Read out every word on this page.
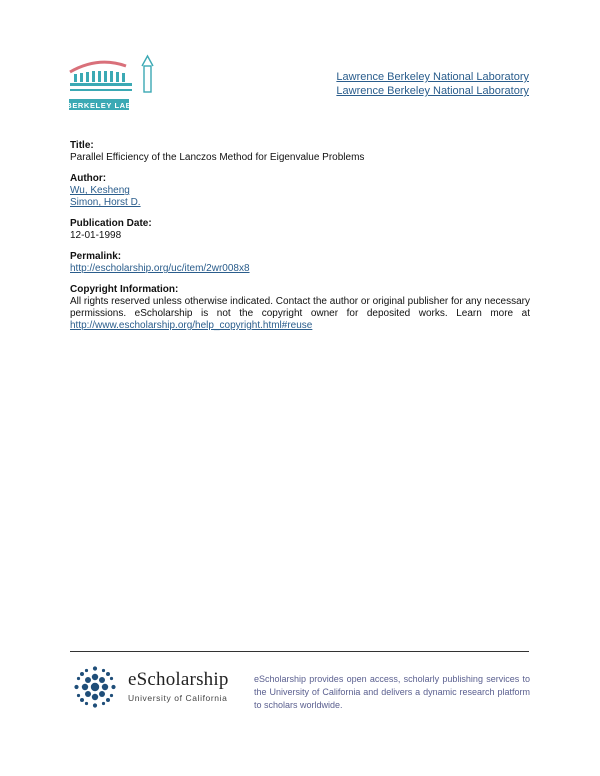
BERKELEY LAB
Lawrence Berkeley National Laboratory
Lawrence Berkeley National Laboratory
Title:
Parallel Efficiency of the Lanczos Method for Eigenvalue Problems
Author:
Wu, Kesheng
Simon, Horst D.
Publication Date:
12-01-1998
Permalink:
http://escholarship.org/uc/item/2wr008x8
Copyright Information:
All rights reserved unless otherwise indicated. Contact the author or original publisher for any necessary permissions. eScholarship is not the copyright owner for deposited works. Learn more at http://www.escholarship.org/help_copyright.html#reuse
eScholarship
University of California
eScholarship provides open access, scholarly publishing services to the University of California and delivers a dynamic research platform to scholars worldwide.
